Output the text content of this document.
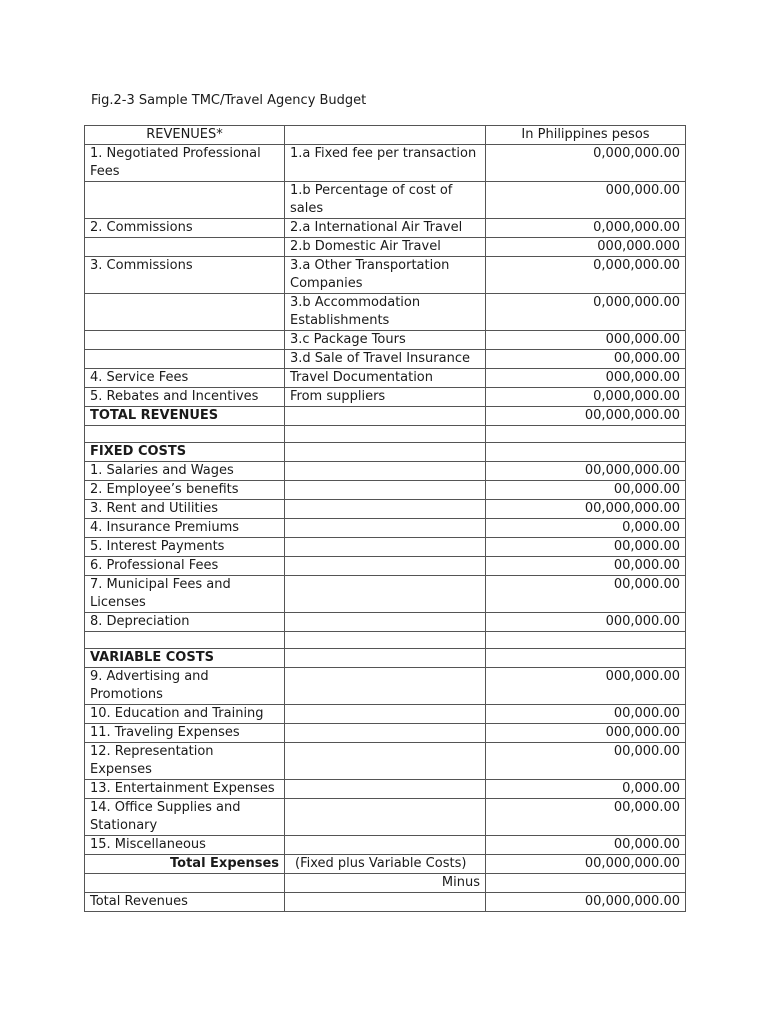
Fig.2-3 Sample TMC/Travel Agency Budget
REVENUES*		In Philippines pesos
1. Negotiated Professional Fees	1.a Fixed fee per transaction	0,000,000.00
	1.b Percentage of cost of sales	000,000.00
2. Commissions	2.a International Air Travel	0,000,000.00
	2.b Domestic Air Travel	000,000.000
3. Commissions	3.a Other Transportation Companies	0,000,000.00
	3.b Accommodation Establishments	0,000,000.00
	3.c Package Tours	000,000.00
	3.d Sale of Travel Insurance	00,000.00
4. Service Fees	Travel Documentation	000,000.00
5. Rebates and Incentives	From suppliers	0,000,000.00
TOTAL REVENUES		00,000,000.00

FIXED COSTS		
1. Salaries and Wages		00,000,000.00
2. Employee’s benefits		00,000.00
3. Rent and Utilities		00,000,000.00
4. Insurance Premiums		0,000.00
5. Interest Payments		00,000.00
6. Professional Fees		00,000.00
7. Municipal Fees and Licenses		00,000.00
8. Depreciation		000,000.00

VARIABLE COSTS		
9. Advertising and Promotions		000,000.00
10. Education and Training		00,000.00
11. Traveling Expenses		000,000.00
12. Representation Expenses		00,000.00
13. Entertainment Expenses		0,000.00
14. Office Supplies and Stationary		00,000.00
15. Miscellaneous		00,000.00
Total Expenses	(Fixed plus Variable Costs)	00,000,000.00
	Minus	
Total Revenues		00,000,000.00
